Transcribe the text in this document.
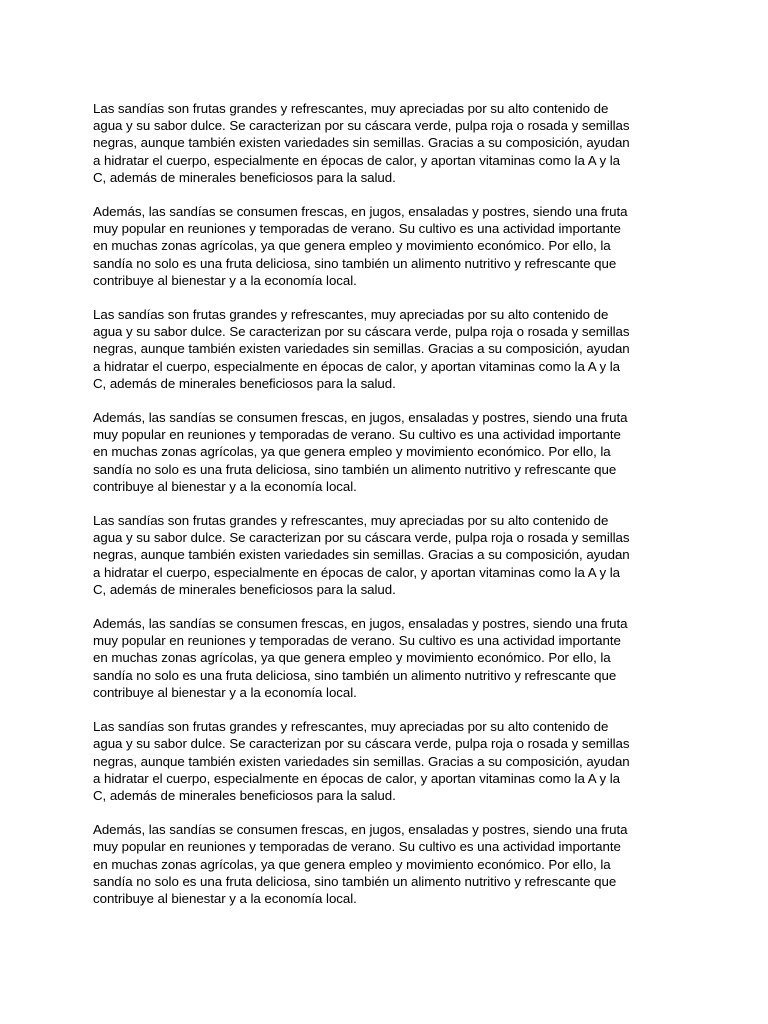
Las sandías son frutas grandes y refrescantes, muy apreciadas por su alto contenido de
agua y su sabor dulce. Se caracterizan por su cáscara verde, pulpa roja o rosada y semillas
negras, aunque también existen variedades sin semillas. Gracias a su composición, ayudan
a hidratar el cuerpo, especialmente en épocas de calor, y aportan vitaminas como la A y la
C, además de minerales beneficiosos para la salud.

Además, las sandías se consumen frescas, en jugos, ensaladas y postres, siendo una fruta
muy popular en reuniones y temporadas de verano. Su cultivo es una actividad importante
en muchas zonas agrícolas, ya que genera empleo y movimiento económico. Por ello, la
sandía no solo es una fruta deliciosa, sino también un alimento nutritivo y refrescante que
contribuye al bienestar y a la economía local.

Las sandías son frutas grandes y refrescantes, muy apreciadas por su alto contenido de
agua y su sabor dulce. Se caracterizan por su cáscara verde, pulpa roja o rosada y semillas
negras, aunque también existen variedades sin semillas. Gracias a su composición, ayudan
a hidratar el cuerpo, especialmente en épocas de calor, y aportan vitaminas como la A y la
C, además de minerales beneficiosos para la salud.

Además, las sandías se consumen frescas, en jugos, ensaladas y postres, siendo una fruta
muy popular en reuniones y temporadas de verano. Su cultivo es una actividad importante
en muchas zonas agrícolas, ya que genera empleo y movimiento económico. Por ello, la
sandía no solo es una fruta deliciosa, sino también un alimento nutritivo y refrescante que
contribuye al bienestar y a la economía local.

Las sandías son frutas grandes y refrescantes, muy apreciadas por su alto contenido de
agua y su sabor dulce. Se caracterizan por su cáscara verde, pulpa roja o rosada y semillas
negras, aunque también existen variedades sin semillas. Gracias a su composición, ayudan
a hidratar el cuerpo, especialmente en épocas de calor, y aportan vitaminas como la A y la
C, además de minerales beneficiosos para la salud.

Además, las sandías se consumen frescas, en jugos, ensaladas y postres, siendo una fruta
muy popular en reuniones y temporadas de verano. Su cultivo es una actividad importante
en muchas zonas agrícolas, ya que genera empleo y movimiento económico. Por ello, la
sandía no solo es una fruta deliciosa, sino también un alimento nutritivo y refrescante que
contribuye al bienestar y a la economía local.

Las sandías son frutas grandes y refrescantes, muy apreciadas por su alto contenido de
agua y su sabor dulce. Se caracterizan por su cáscara verde, pulpa roja o rosada y semillas
negras, aunque también existen variedades sin semillas. Gracias a su composición, ayudan
a hidratar el cuerpo, especialmente en épocas de calor, y aportan vitaminas como la A y la
C, además de minerales beneficiosos para la salud.

Además, las sandías se consumen frescas, en jugos, ensaladas y postres, siendo una fruta
muy popular en reuniones y temporadas de verano. Su cultivo es una actividad importante
en muchas zonas agrícolas, ya que genera empleo y movimiento económico. Por ello, la
sandía no solo es una fruta deliciosa, sino también un alimento nutritivo y refrescante que
contribuye al bienestar y a la economía local.
